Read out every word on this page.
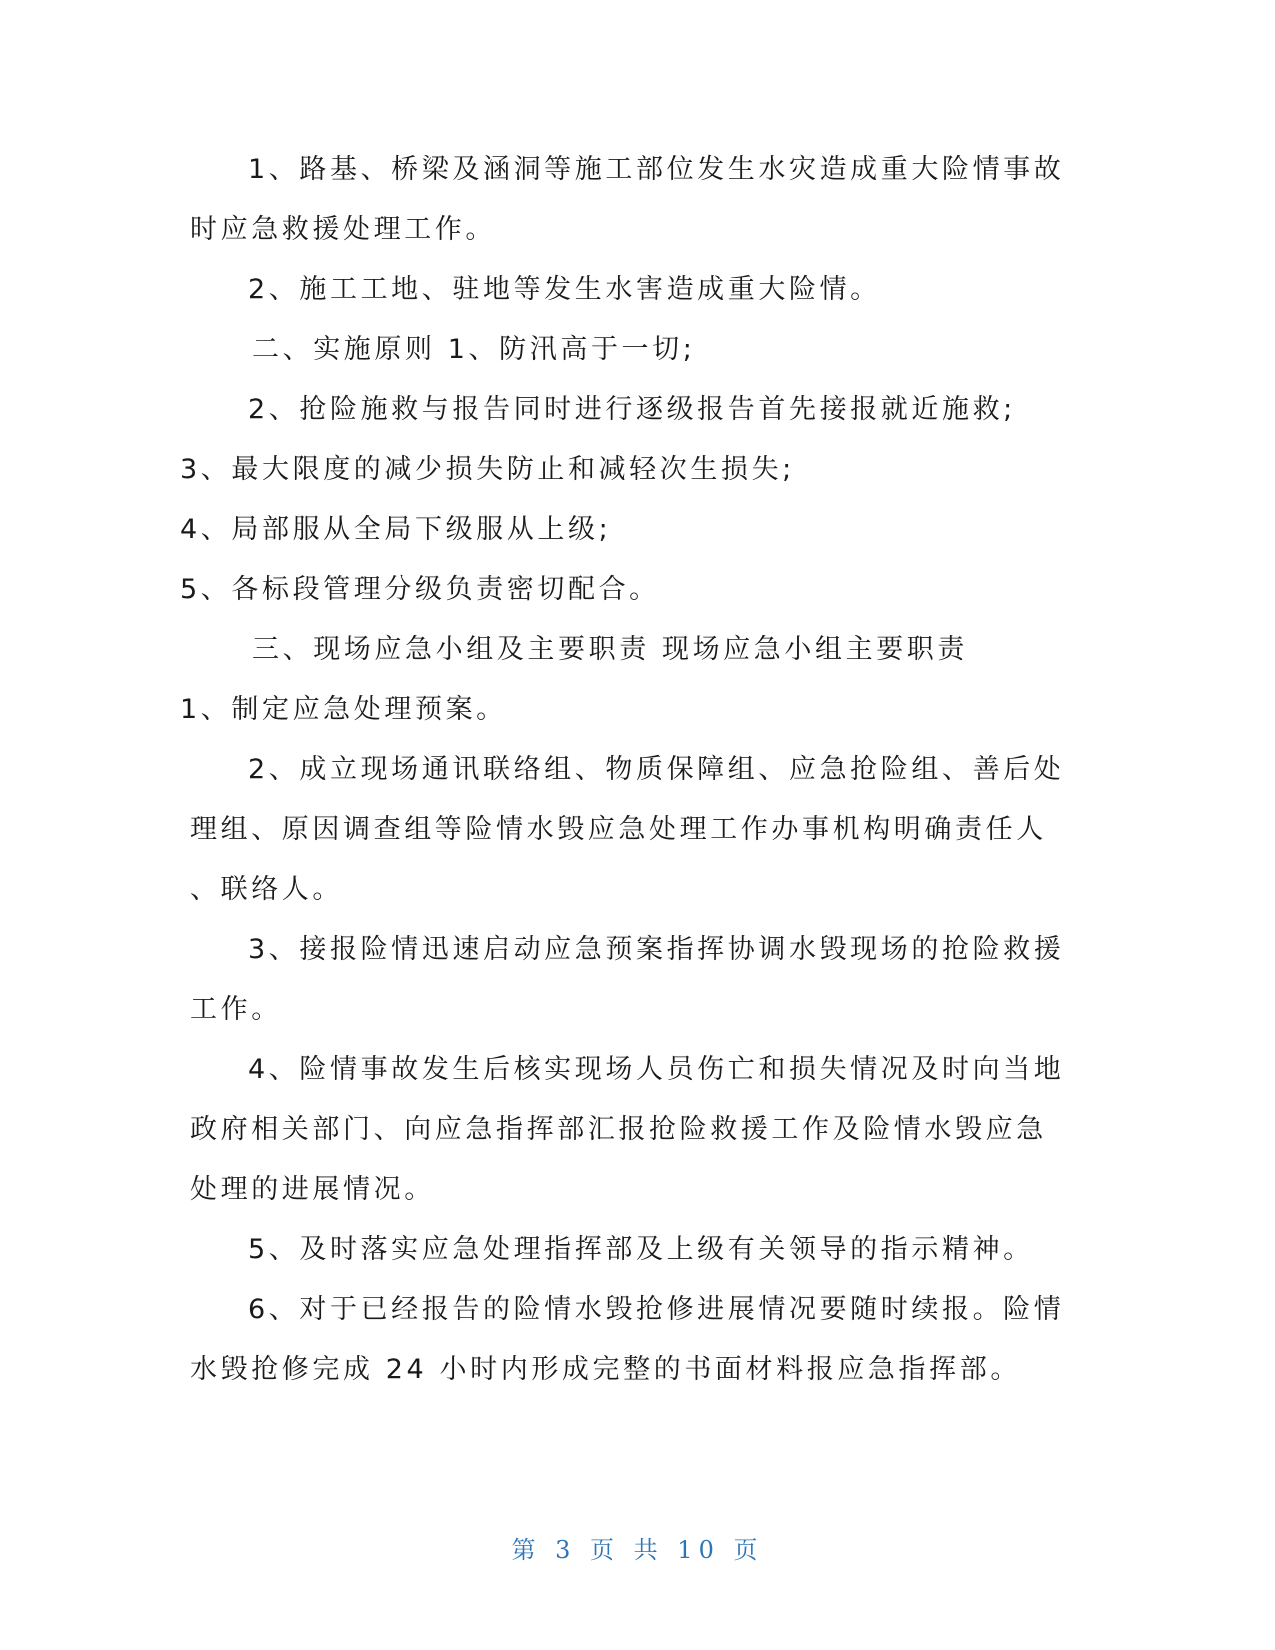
1、路基、桥梁及涵洞等施工部位发生水灾造成重大险情事故
时应急救援处理工作。
2、施工工地、驻地等发生水害造成重大险情。
二、实施原则 1、防汛高于一切;
2、抢险施救与报告同时进行逐级报告首先接报就近施救;
3、最大限度的减少损失防止和减轻次生损失;
4、局部服从全局下级服从上级;
5、各标段管理分级负责密切配合。
三、现场应急小组及主要职责 现场应急小组主要职责
1、制定应急处理预案。
2、成立现场通讯联络组、物质保障组、应急抢险组、善后处
理组、原因调查组等险情水毁应急处理工作办事机构明确责任人
、联络人。
3、接报险情迅速启动应急预案指挥协调水毁现场的抢险救援
工作。
4、险情事故发生后核实现场人员伤亡和损失情况及时向当地
政府相关部门、向应急指挥部汇报抢险救援工作及险情水毁应急
处理的进展情况。
5、及时落实应急处理指挥部及上级有关领导的指示精神。
6、对于已经报告的险情水毁抢修进展情况要随时续报。险情
水毁抢修完成 24 小时内形成完整的书面材料报应急指挥部。
第 3 页 共 10 页
